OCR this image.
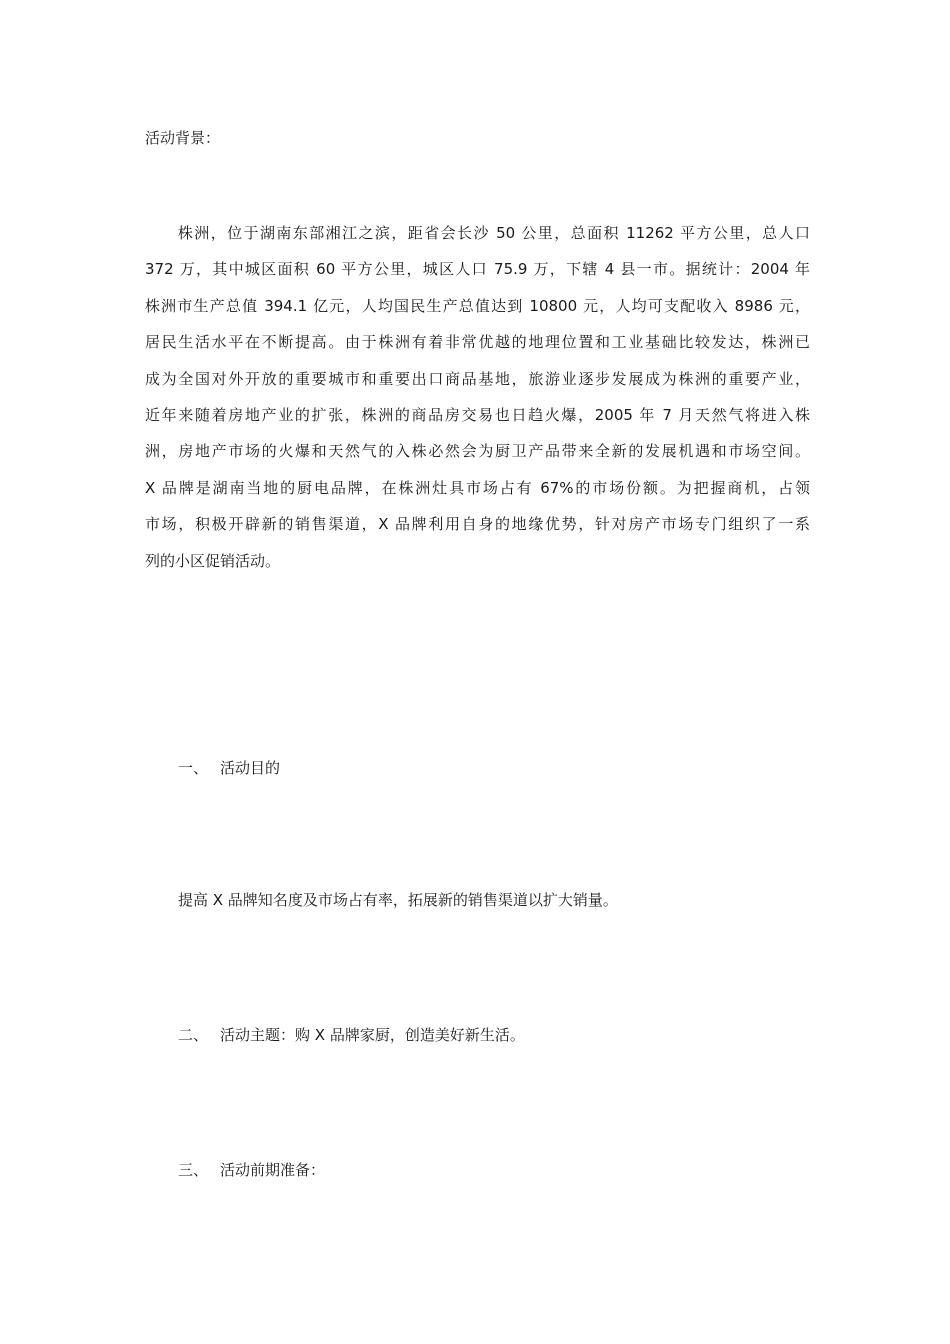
活动背景：
　　株洲，位于湖南东部湘江之滨，距省会长沙 50 公里，总面积 11262 平方公里，总人口
372 万，其中城区面积 60 平方公里，城区人口 75.9 万，下辖 4 县一市。据统计：2004 年
株洲市生产总值 394.1 亿元，人均国民生产总值达到 10800 元，人均可支配收入 8986 元，
居民生活水平在不断提高。由于株洲有着非常优越的地理位置和工业基础比较发达，株洲已
成为全国对外开放的重要城市和重要出口商品基地，旅游业逐步发展成为株洲的重要产业，
近年来随着房地产业的扩张，株洲的商品房交易也日趋火爆，2005 年 7 月天然气将进入株
洲，房地产市场的火爆和天然气的入株必然会为厨卫产品带来全新的发展机遇和市场空间。
X 品牌是湖南当地的厨电品牌，在株洲灶具市场占有 67%的市场份额。为把握商机，占领
市场，积极开辟新的销售渠道，X 品牌利用自身的地缘优势，针对房产市场专门组织了一系
列的小区促销活动。
一、 活动目的
提高 X 品牌知名度及市场占有率，拓展新的销售渠道以扩大销量。
二、 活动主题：购 X 品牌家厨，创造美好新生活。
三、 活动前期准备：
